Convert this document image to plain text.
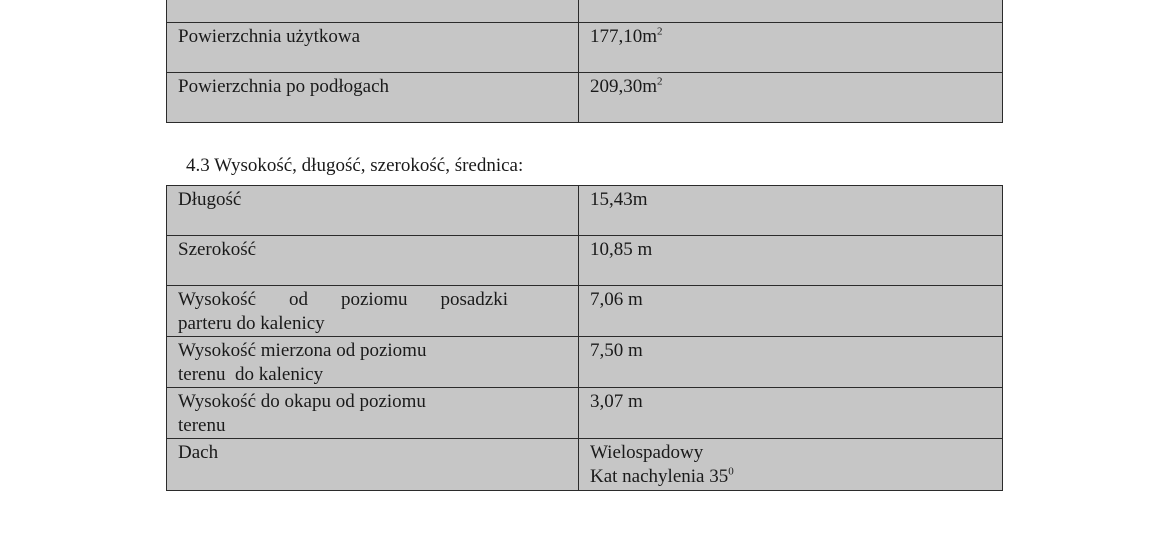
Powierzchnia użytkowa	$177,10m^2$
Powierzchnia po podłogach	$209,30m^2$
4.3 Wysokość, długość, szerokość, średnica:
Długość	15,43m
Szerokość	10,85 m

Wysokość od poziomu posadzki
parteru do kalenicy	7,06 m

Wysokość mierzona od poziomu
terenu  do kalenicy	7,50 m

Wysokość do okapu od poziomu
terenu	3,07 m
Dach	Wielospadowy
Kat nachylenia $35^0$
